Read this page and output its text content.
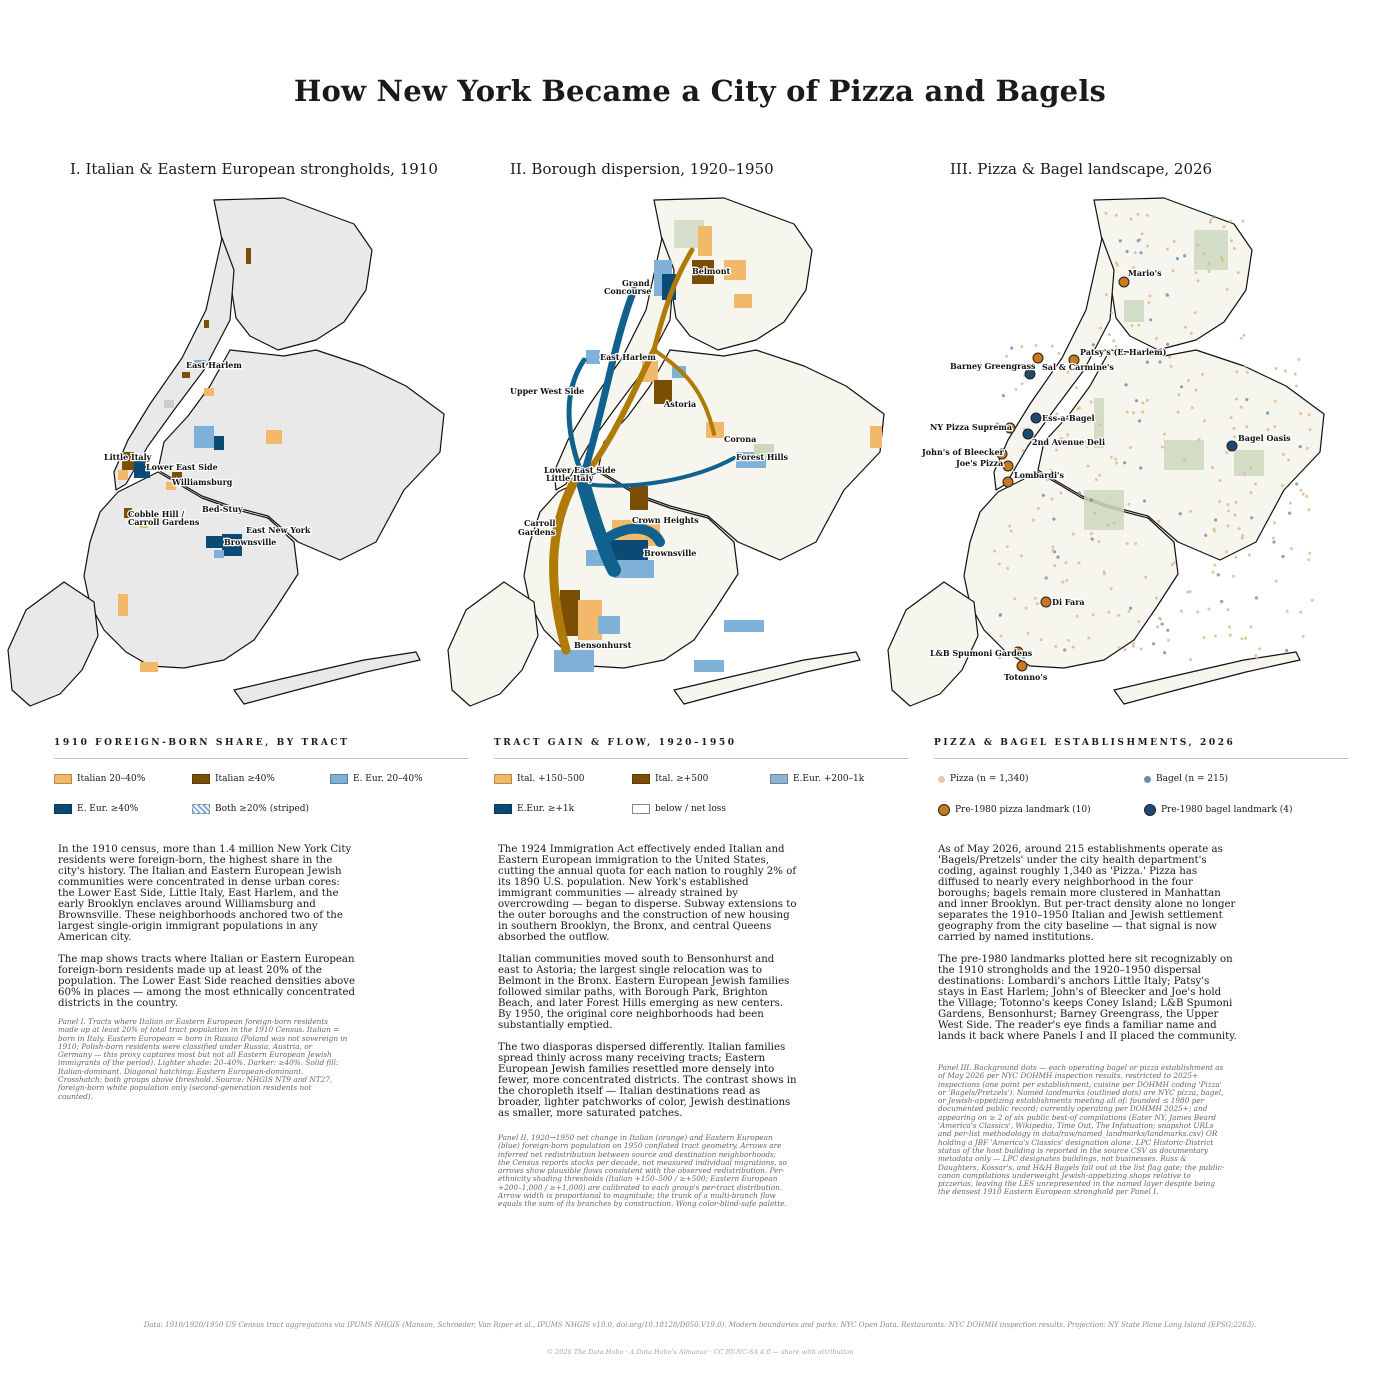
How New York Became a City of Pizza and Bagels
I. Italian & Eastern European strongholds, 1910
East Harlem
Little Italy
Lower East Side
Williamsburg
Cobble Hill /
Carroll Gardens
Bed-Stuy
East New York
Brownsville
1910 FOREIGN-BORN SHARE, BY TRACT
Italian 20–40%	Italian ≥40%	E. Eur. 20–40%
E. Eur. ≥40%	Both ≥20% (striped)

In the 1910 census, more than 1.4 million New York City residents were foreign-born, the highest share in the city's history. The Italian and Eastern European Jewish communities were concentrated in dense urban cores: the Lower East Side, Little Italy, East Harlem, and the early Brooklyn enclaves around Williamsburg and Brownsville. These neighborhoods anchored two of the largest single-origin immigrant populations in any American city.

The map shows tracts where Italian or Eastern European foreign-born residents made up at least 20% of the population. The Lower East Side reached densities above 60% in places — among the most ethnically concentrated districts in the country.

Panel I. Tracts where Italian or Eastern European foreign-born residents made up at least 20% of total tract population in the 1910 Census. Italian = born in Italy. Eastern European = born in Russia (Poland was not sovereign in 1910; Polish-born residents were classified under Russia, Austria, or Germany — this proxy captures most but not all Eastern European Jewish immigrants of the period). Lighter shade: 20–40%. Darker: ≥40%. Solid fill: Italian-dominant. Diagonal hatching: Eastern European-dominant. Crosshatch: both groups above threshold. Source: NHGIS NT9 and NT27, foreign-born white population only (second-generation residents not counted).
II. Borough dispersion, 1920–1950
Belmont
Grand
Concourse
East Harlem
Upper West Side
Astoria
Corona
Forest Hills
Lower East Side
Little Italy
Carroll
Gardens
Crown Heights
Brownsville
Bensonhurst
TRACT GAIN & FLOW, 1920–1950
Ital. +150–500	Ital. ≥+500	E.Eur. +200–1k
E.Eur. ≥+1k	below / net loss

The 1924 Immigration Act effectively ended Italian and Eastern European immigration to the United States, cutting the annual quota for each nation to roughly 2% of its 1890 U.S. population. New York's established immigrant communities — already strained by overcrowding — began to disperse. Subway extensions to the outer boroughs and the construction of new housing in southern Brooklyn, the Bronx, and central Queens absorbed the outflow.

Italian communities moved south to Bensonhurst and east to Astoria; the largest single relocation was to Belmont in the Bronx. Eastern European Jewish families followed similar paths, with Borough Park, Brighton Beach, and later Forest Hills emerging as new centers. By 1950, the original core neighborhoods had been substantially emptied.

The two diasporas dispersed differently. Italian families spread thinly across many receiving tracts; Eastern European Jewish families resettled more densely into fewer, more concentrated districts. The contrast shows in the choropleth itself — Italian destinations read as broader, lighter patchworks of color, Jewish destinations as smaller, more saturated patches.

Panel II. 1920→1950 net change in Italian (orange) and Eastern European (blue) foreign-born population on 1950 conflated tract geometry. Arrows are inferred net redistribution between source and destination neighborhoods; the Census reports stocks per decade, not measured individual migrations, so arrows show plausible flows consistent with the observed redistribution. Per-ethnicity shading thresholds (Italian +150–500 / ≥+500; Eastern European +200–1,000 / ≥+1,000) are calibrated to each group's per-tract distribution. Arrow width is proportional to magnitude; the trunk of a multi-branch flow equals the sum of its branches by construction. Wong color-blind-safe palette.
III. Pizza & Bagel landscape, 2026
Mario's
Barney Greengrass
Patsy's (E. Harlem)
Sal & Carmine's
Ess-a-Bagel
NY Pizza Suprema
2nd Avenue Deli	Bagel Oasis
John's of Bleecker
Joe's Pizza
Lombardi's
Di Fara
L&B Spumoni Gardens
Totonno's
PIZZA & BAGEL ESTABLISHMENTS, 2026
Pizza (n = 1,340)	Bagel (n = 215)
Pre-1980 pizza landmark (10)	Pre-1980 bagel landmark (4)

As of May 2026, around 215 establishments operate as 'Bagels/Pretzels' under the city health department's coding, against roughly 1,340 as 'Pizza.' Pizza has diffused to nearly every neighborhood in the four boroughs; bagels remain more clustered in Manhattan and inner Brooklyn. But per-tract density alone no longer separates the 1910–1950 Italian and Jewish settlement geography from the city baseline — that signal is now carried by named institutions.

The pre-1980 landmarks plotted here sit recognizably on the 1910 strongholds and the 1920–1950 dispersal destinations: Lombardi's anchors Little Italy; Patsy's stays in East Harlem; John's of Bleecker and Joe's hold the Village; Totonno's keeps Coney Island; L&B Spumoni Gardens, Bensonhurst; Barney Greengrass, the Upper West Side. The reader's eye finds a familiar name and lands it back where Panels I and II placed the community.

Panel III. Background dots — each operating bagel or pizza establishment as of May 2026 per NYC DOHMH inspection results, restricted to 2025+ inspections (one point per establishment, cuisine per DOHMH coding 'Pizza' or 'Bagels/Pretzels'). Named landmarks (outlined dots) are NYC pizza, bagel, or Jewish-appetizing establishments meeting all of: founded ≤ 1980 per documented public record; currently operating per DOHMH 2025+; and appearing on ≥ 2 of six public best-of compilations (Eater NY, James Beard 'America's Classics', Wikipedia, Time Out, The Infatuation; snapshot URLs and per-list methodology in data/raw/named_landmarks/landmarks.csv) OR holding a JBF 'America's Classics' designation alone. LPC Historic-District status of the host building is reported in the source CSV as documentary metadata only — LPC designates buildings, not businesses. Russ & Daughters, Kossar's, and H&H Bagels fall out at the list flag gate; the public-canon compilations underweight Jewish-appetizing shops relative to pizzerias, leaving the LES unrepresented in the named layer despite being the densest 1910 Eastern European stronghold per Panel I.
Data: 1910/1920/1950 US Census tract aggregations via IPUMS NHGIS (Manson, Schroeder, Van Riper et al., IPUMS NHGIS v19.0, doi.org/10.18128/D050.V19.0). Modern boundaries and parks: NYC Open Data. Restaurants: NYC DOHMH inspection results. Projection: NY State Plane Long Island (EPSG:2263).
© 2026 The Data Hobo · A Data Hobo's Almanac · CC BY-NC-SA 4.0 — share with attribution
